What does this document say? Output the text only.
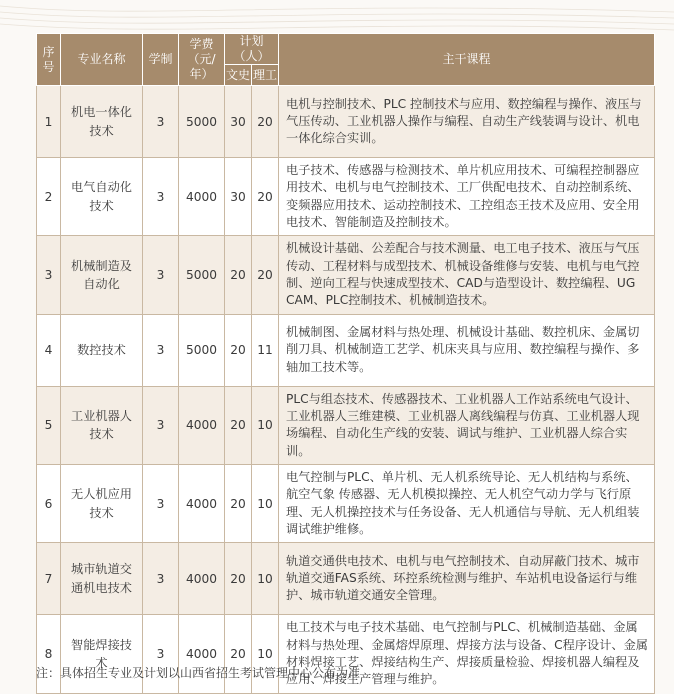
序号	专业名称	学制	学费（元/年）	计划（人）		主干课程
				文史	理工	
1	机电一体化技术	3	5000	30	20	电机与控制技术、PLC 控制技术与应用、数控编程与操作、液压与气压传动、工业机器人操作与编程、自动生产线装调与设计、机电一体化综合实训。
2	电气自动化技术	3	4000	30	20	电子技术、传感器与检测技术、单片机应用技术、可编程控制器应用技术、电机与电气控制技术、工厂供配电技术、自动控制系统、变频器应用技术、运动控制技术、工控组态王技术及应用、安全用电技术、智能制造及控制技术。
3	机械制造及自动化	3	5000	20	20	机械设计基础、公差配合与技术测量、电工电子技术、液压与气压传动、工程材料与成型技术、机械设备维修与安装、电机与电气控制、逆向工程与快速成型技术、CAD与造型设计、数控编程、UG CAM、PLC控制技术、机械制造技术。
4	数控技术	3	5000	20	11	机械制图、金属材料与热处理、机械设计基础、数控机床、金属切削刀具、机械制造工艺学、机床夹具与应用、数控编程与操作、多轴加工技术等。
5	工业机器人技术	3	4000	20	10	PLC与组态技术、传感器技术、工业机器人工作站系统电气设计、工业机器人三维建模、工业机器人离线编程与仿真、工业机器人现场编程、自动化生产线的安装、调试与维护、工业机器人综合实训。
6	无人机应用技术	3	4000	20	10	电气控制与PLC、单片机、无人机系统导论、无人机结构与系统、航空气象 传感器、无人机模拟操控、无人机空气动力学与飞行原理、无人机操控技术与任务设备、无人机通信与导航、无人机组装调试维护维修。
7	城市轨道交通机电技术	3	4000	20	10	轨道交通供电技术、电机与电气控制技术、自动屏蔽门技术、城市轨道交通FAS系统、环控系统检测与维护、车站机电设备运行与维护、城市轨道交通安全管理。
8	智能焊接技术	3	4000	20	10	电工技术与电子技术基础、电气控制与PLC、机械制造基础、金属材料与热处理、金属熔焊原理、焊接方法与设备、C程序设计、金属材料焊接工艺、焊接结构生产、焊接质量检验、焊接机器人编程及应用、焊接生产管理与维护。
注：具体招生专业及计划以山西省招生考试管理中心公布为准
